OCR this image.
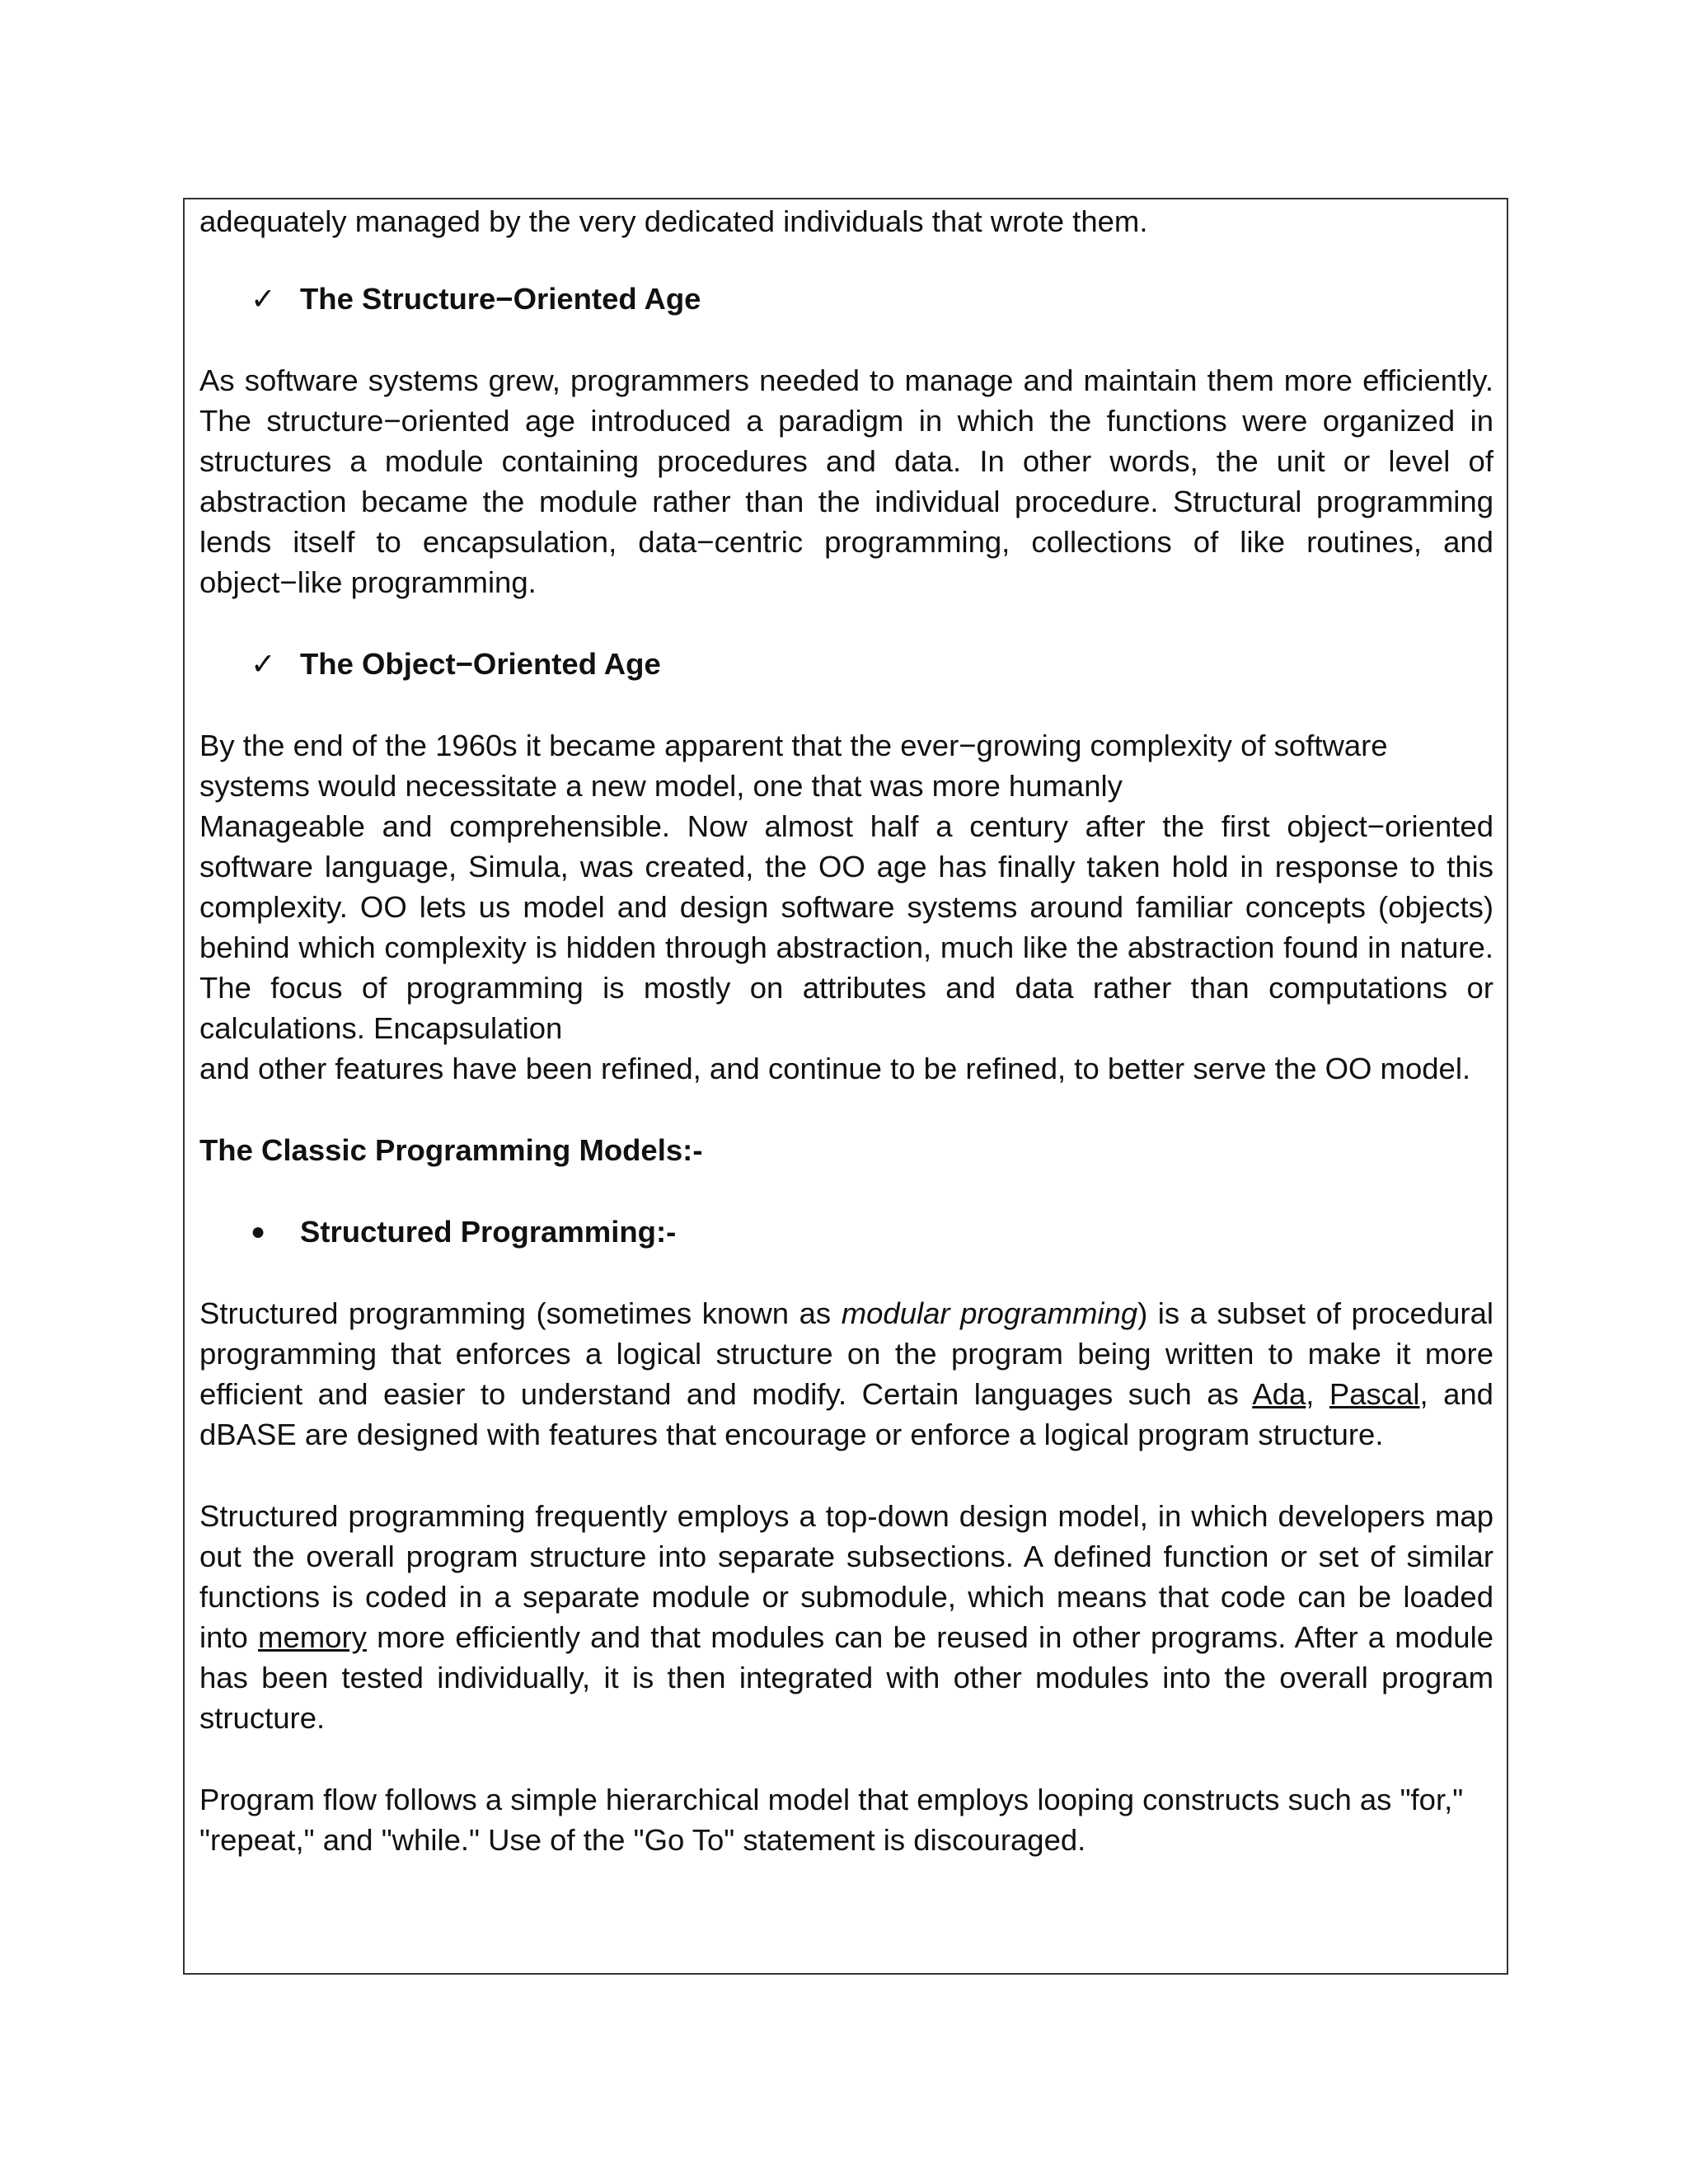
adequately managed by the very dedicated individuals that wrote them.

✓ The Structure−Oriented Age

As software systems grew, programmers needed to manage and maintain them more efficiently. The structure−oriented age introduced a paradigm in which the functions were organized in structures a module containing procedures and data. In other words, the unit or level of abstraction became the module rather than the individual procedure. Structural programming lends itself to encapsulation, data−centric programming, collections of like routines, and object−like programming.

✓ The Object−Oriented Age

By the end of the 1960s it became apparent that the ever−growing complexity of software systems would necessitate a new model, one that was more humanly

Manageable and comprehensible. Now almost half a century after the first object−oriented software language, Simula, was created, the OO age has finally taken hold in response to this complexity. OO lets us model and design software systems around familiar concepts (objects) behind which complexity is hidden through abstraction, much like the abstraction found in nature. The focus of programming is mostly on attributes and data rather than computations or calculations. Encapsulation

and other features have been refined, and continue to be refined, to better serve the OO model.

The Classic Programming Models:-

●	Structured Programming:-

Structured programming (sometimes known as modular programming) is a subset of procedural programming that enforces a logical structure on the program being written to make it more efficient and easier to understand and modify. Certain languages such as Ada, Pascal, and dBASE are designed with features that encourage or enforce a logical program structure.

Structured programming frequently employs a top-down design model, in which developers map out the overall program structure into separate subsections. A defined function or set of similar functions is coded in a separate module or submodule, which means that code can be loaded into memory more efficiently and that modules can be reused in other programs. After a module has been tested individually, it is then integrated with other modules into the overall program structure.

Program flow follows a simple hierarchical model that employs looping constructs such as "for," "repeat," and "while." Use of the "Go To" statement is discouraged.
